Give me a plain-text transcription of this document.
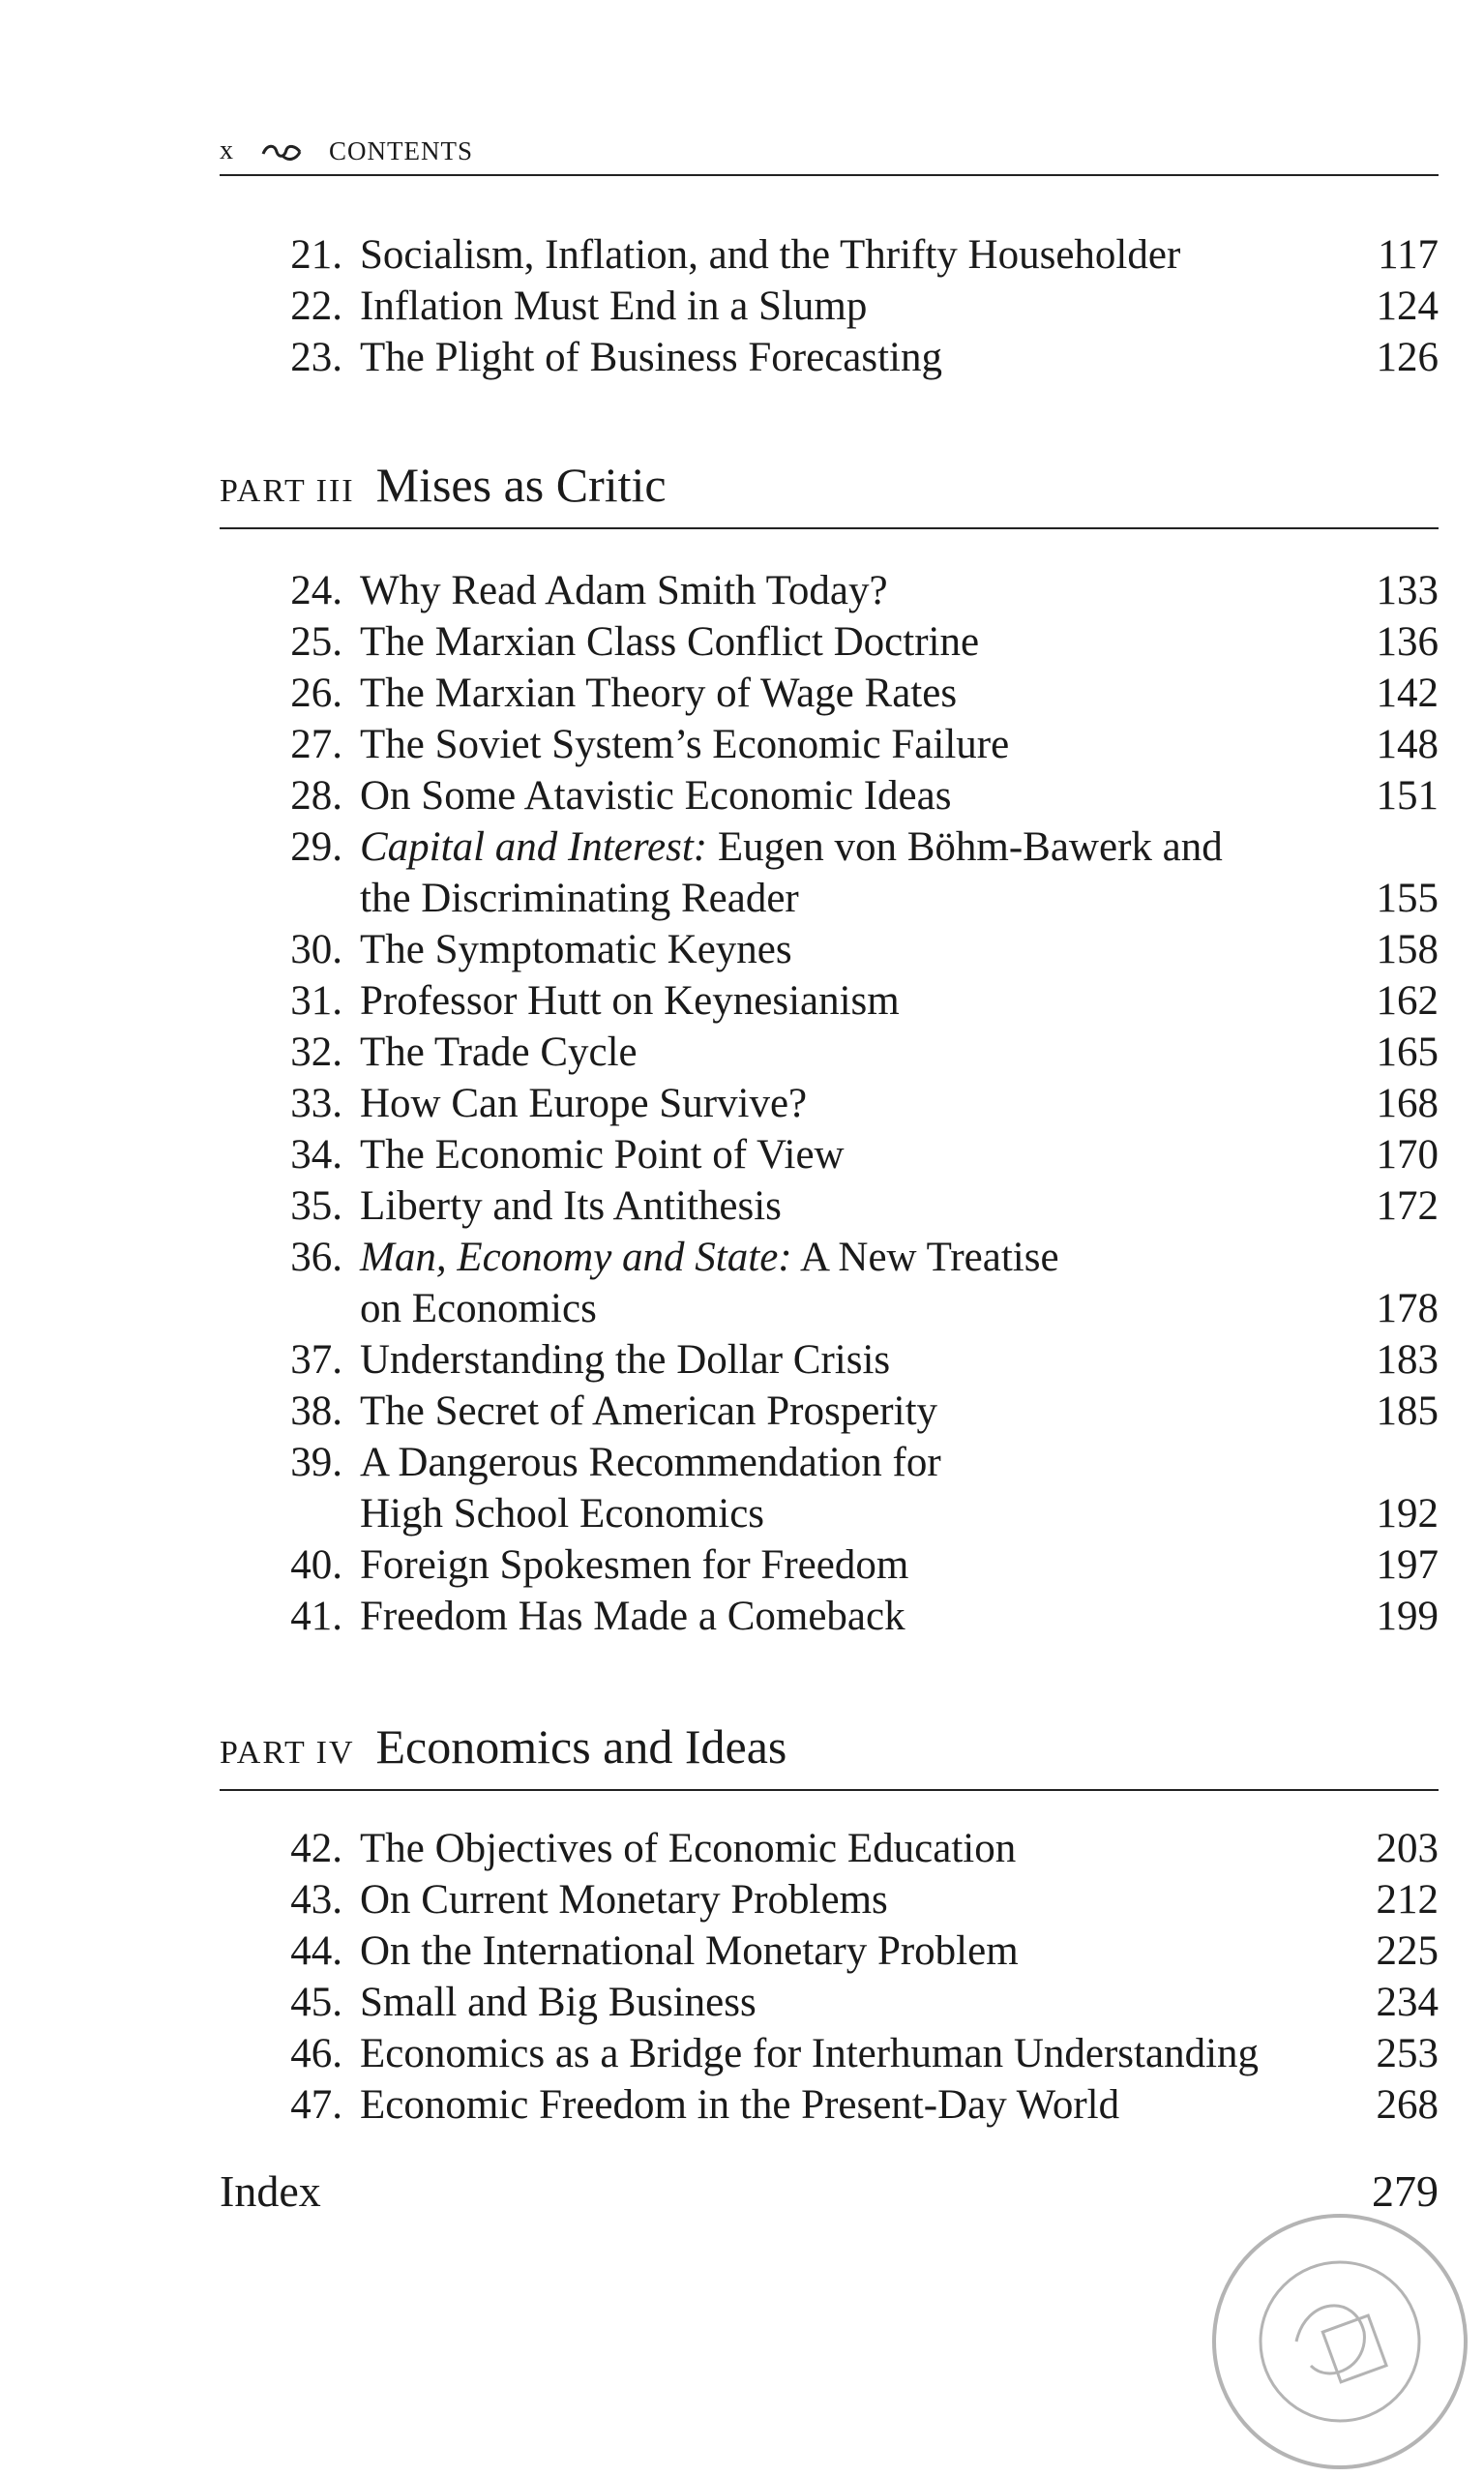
x	CONTENTS
21. Socialism, Inflation, and the Thrifty Householder	117
22. Inflation Must End in a Slump	124
23. The Plight of Business Forecasting	126
PART III Mises as Critic
24. Why Read Adam Smith Today?	133
25. The Marxian Class Conflict Doctrine	136
26. The Marxian Theory of Wage Rates	142
27. The Soviet System’s Economic Failure	148
28. On Some Atavistic Economic Ideas	151
29. Capital and Interest: Eugen von Böhm-Bawerk and
the Discriminating Reader	155
30. The Symptomatic Keynes	158
31. Professor Hutt on Keynesianism	162
32. The Trade Cycle	165
33. How Can Europe Survive?	168
34. The Economic Point of View	170
35. Liberty and Its Antithesis	172
36. Man, Economy and State: A New Treatise
on Economics	178
37. Understanding the Dollar Crisis	183
38. The Secret of American Prosperity	185
39. A Dangerous Recommendation for
High School Economics	192
40. Foreign Spokesmen for Freedom	197
41. Freedom Has Made a Comeback	199
PART IV Economics and Ideas
42. The Objectives of Economic Education	203
43. On Current Monetary Problems	212
44. On the International Monetary Problem	225
45. Small and Big Business	234
46. Economics as a Bridge for Interhuman Understanding	253
47. Economic Freedom in the Present-Day World	268
Index	279
